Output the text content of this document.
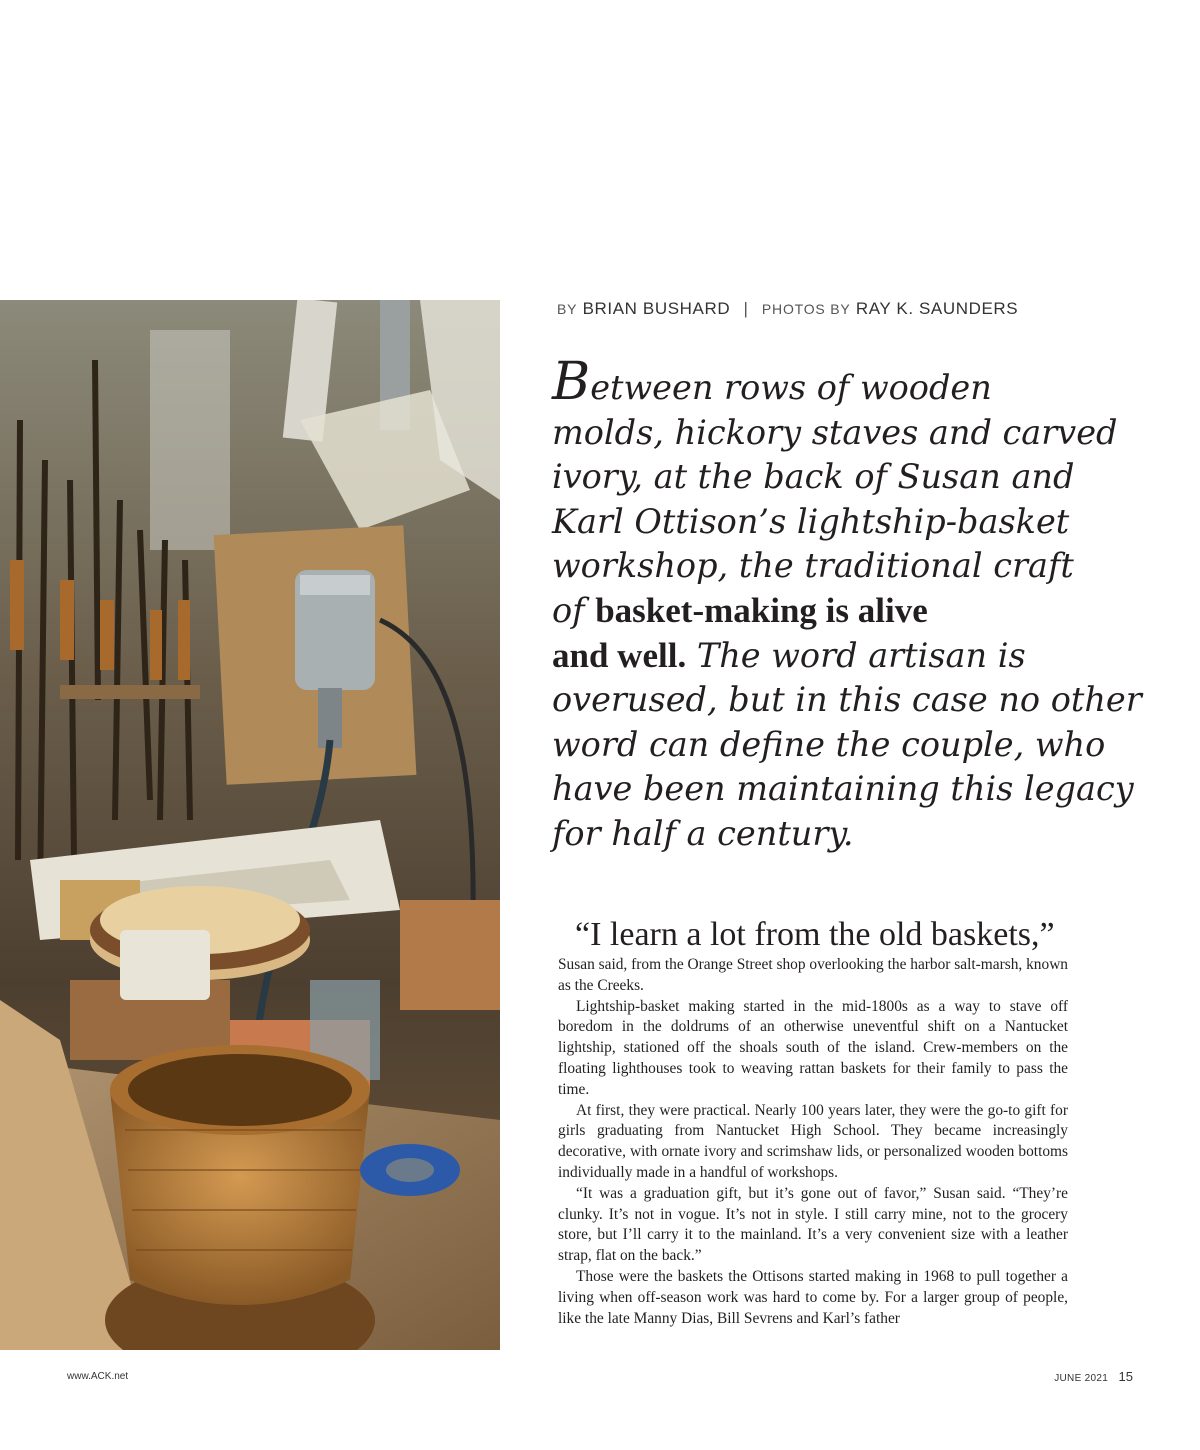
BY BRIAN BUSHARD | PHOTOS BY RAY K. SAUNDERS
Between rows of wooden
molds, hickory staves and carved
ivory, at the back of Susan and
Karl Ottison’s lightship-basket
workshop, the traditional craft
of basket-making is alive
and well. The word artisan is
overused, but in this case no other
word can define the couple, who
have been maintaining this legacy
for half a century.
“I learn a lot from the old baskets,”

Susan said, from the Orange Street shop overlooking the harbor salt-marsh, known as the Creeks.

Lightship-basket making started in the mid-1800s as a way to stave off boredom in the doldrums of an otherwise uneventful shift on a Nantucket lightship, stationed off the shoals south of the island. Crew-members on the floating lighthouses took to weaving rattan baskets for their family to pass the time.

At first, they were practical. Nearly 100 years later, they were the go-to gift for girls graduating from Nantucket High School. They became increasingly decorative, with ornate ivory and scrimshaw lids, or personalized wooden bottoms individually made in a handful of workshops.

“It was a graduation gift, but it’s gone out of favor,” Susan said. “They’re clunky. It’s not in vogue. It’s not in style. I still carry mine, not to the grocery store, but I’ll carry it to the mainland. It’s a very convenient size with a leather strap, flat on the back.”

Those were the baskets the Ottisons started making in 1968 to pull together a living when off-season work was hard to come by. For a larger group of people, like the late Manny Dias, Bill Sevrens and Karl’s father

www.ACK.net	JUNE 2021 15
